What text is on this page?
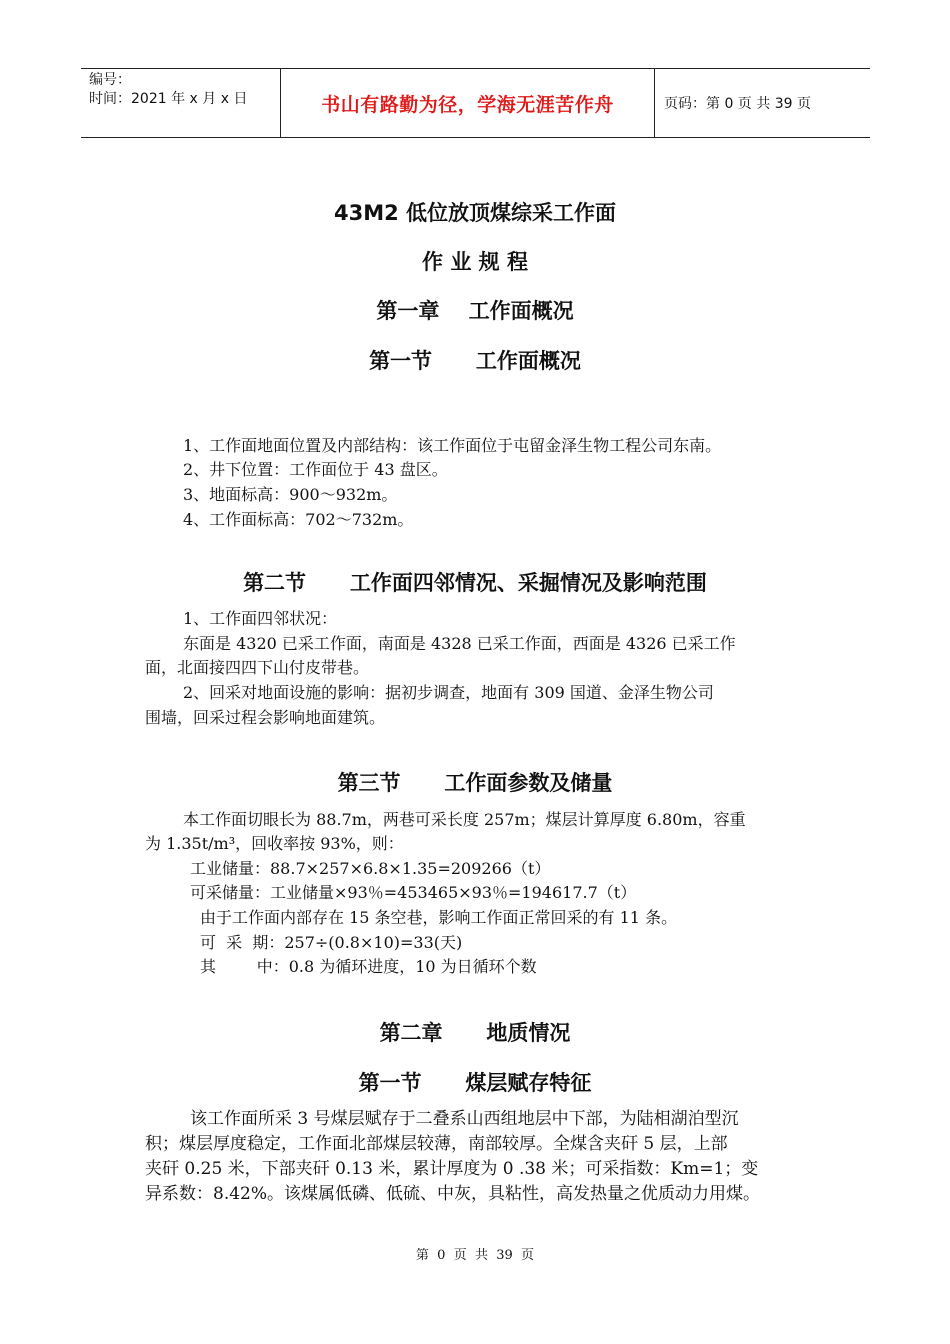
编号：
时间：2021 年 x 月 x 日	书山有路勤为径，学海无涯苦作舟	页码：第 0 页 共 39 页
43M2 低位放顶煤综采工作面
作 业 规 程
第一章    工作面概况
第一节      工作面概况
1、工作面地面位置及内部结构：该工作面位于屯留金泽生物工程公司东南。
2、井下位置：工作面位于 43 盘区。
3、地面标高：900～932m。
4、工作面标高：702～732m。
第二节      工作面四邻情况、采掘情况及影响范围
1、工作面四邻状况：
东面是 4320 已采工作面，南面是 4328 已采工作面，西面是 4326 已采工作
面，北面接四四下山付皮带巷。
2、回采对地面设施的影响：据初步调查，地面有 309 国道、金泽生物公司
围墙，回采过程会影响地面建筑。
第三节      工作面参数及储量
本工作面切眼长为 88.7m，两巷可采长度 257m；煤层计算厚度 6.80m，容重
为 1.35t/m³，回收率按 93%，则：
工业储量：88.7×257×6.8×1.35=209266（t）
可采储量：工业储量×93％=453465×93％=194617.7（t）
由于工作面内部存在 15 条空巷，影响工作面正常回采的有 11 条。
可  采  期：257÷(0.8×10)=33(天)
其        中：0.8 为循环进度，10 为日循环个数
第二章      地质情况
第一节      煤层赋存特征
该工作面所采 3 号煤层赋存于二叠系山西组地层中下部，为陆相湖泊型沉
积；煤层厚度稳定，工作面北部煤层较薄，南部较厚。全煤含夹矸 5 层，上部
夹矸 0.25 米，下部夹矸 0.13 米，累计厚度为 0 .38 米；可采指数：Km=1；变
异系数：8.42%。该煤属低磷、低硫、中灰，具粘性，高发热量之优质动力用煤。
第  0  页  共  39  页
